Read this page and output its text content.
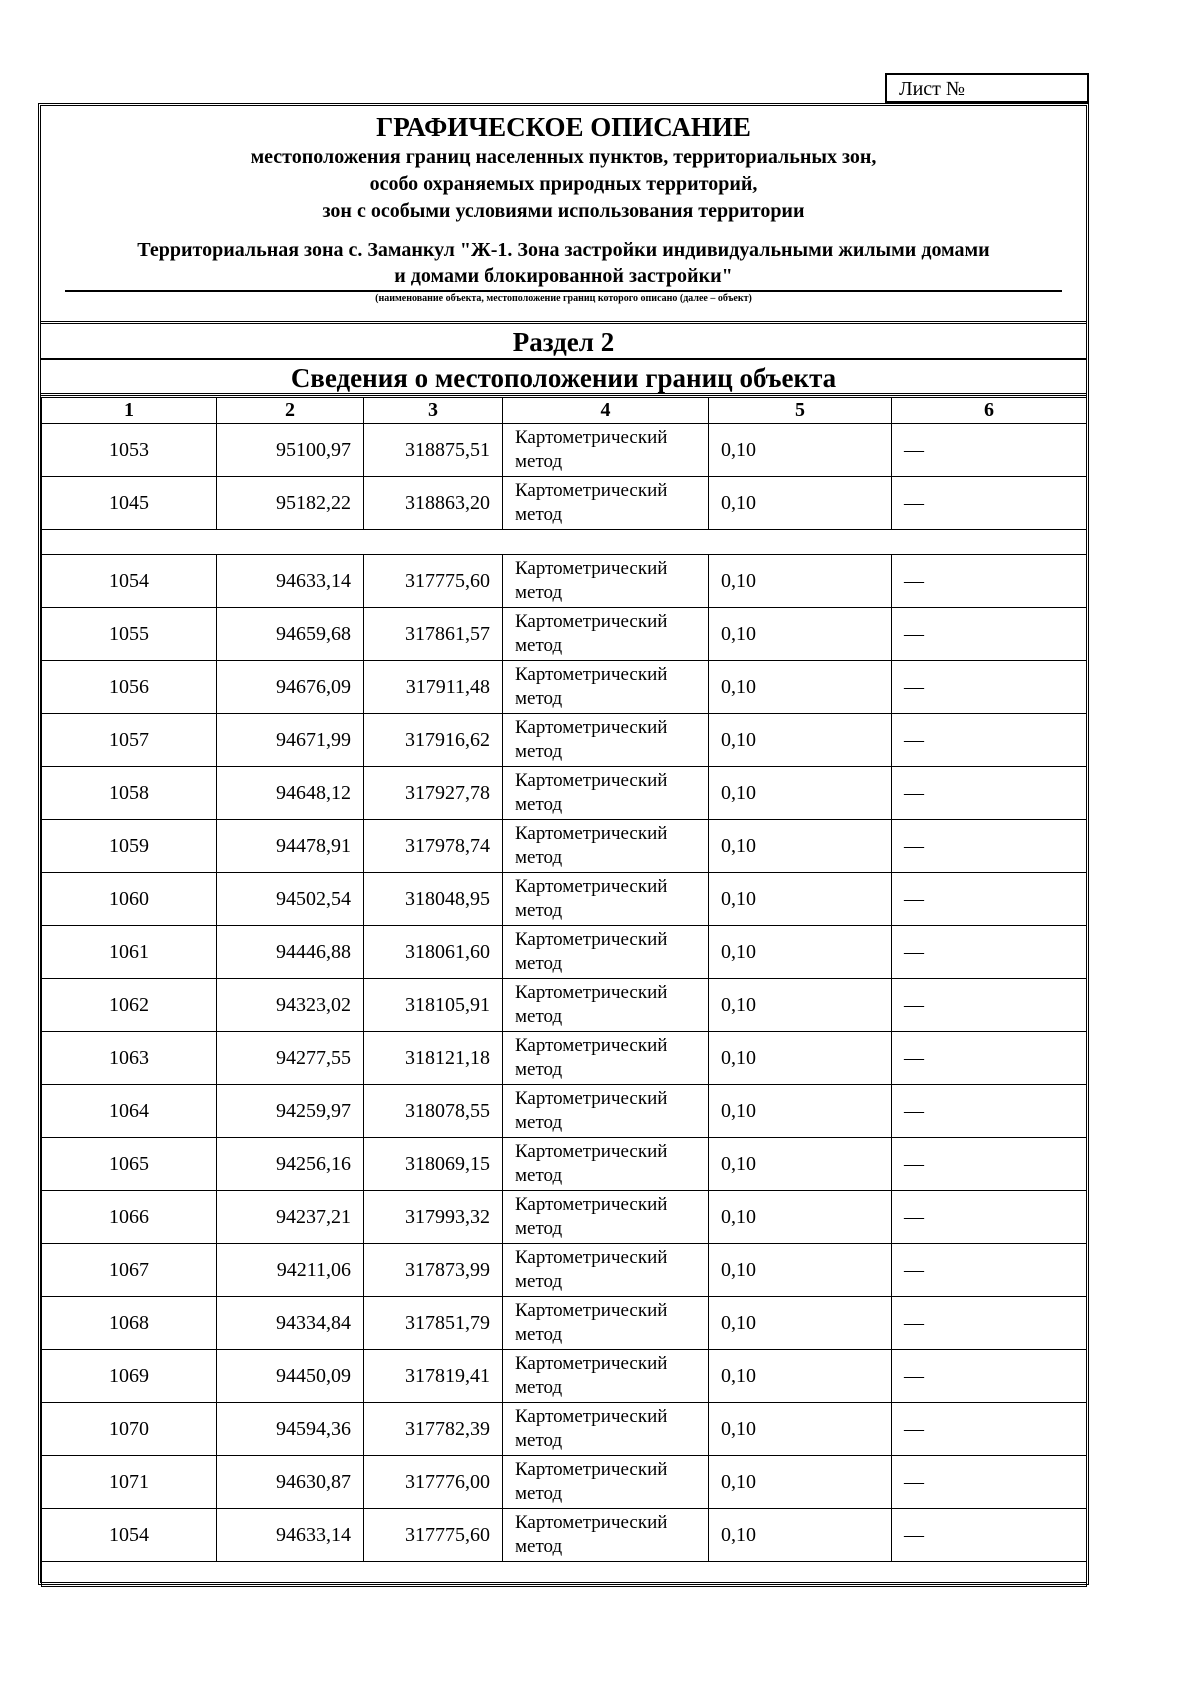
Лист №
ГРАФИЧЕСКОЕ ОПИСАНИЕ
местоположения границ населенных пунктов, территориальных зон,
особо охраняемых природных территорий,
зон с особыми условиями использования территории
Территориальная зона с. Заманкул "Ж-1. Зона застройки индивидуальными жилыми домами
и домами блокированной застройки"
(наименование объекта, местоположение границ которого описано (далее – объект)
Раздел 2
Сведения о местоположении границ объекта
1	2	3	4	5	6
1053	95100,97	318875,51	Картометрический метод	0,10	—
1045	95182,22	318863,20	Картометрический метод	0,10	—

1054	94633,14	317775,60	Картометрический метод	0,10	—
1055	94659,68	317861,57	Картометрический метод	0,10	—
1056	94676,09	317911,48	Картометрический метод	0,10	—
1057	94671,99	317916,62	Картометрический метод	0,10	—
1058	94648,12	317927,78	Картометрический метод	0,10	—
1059	94478,91	317978,74	Картометрический метод	0,10	—
1060	94502,54	318048,95	Картометрический метод	0,10	—
1061	94446,88	318061,60	Картометрический метод	0,10	—
1062	94323,02	318105,91	Картометрический метод	0,10	—
1063	94277,55	318121,18	Картометрический метод	0,10	—
1064	94259,97	318078,55	Картометрический метод	0,10	—
1065	94256,16	318069,15	Картометрический метод	0,10	—
1066	94237,21	317993,32	Картометрический метод	0,10	—
1067	94211,06	317873,99	Картометрический метод	0,10	—
1068	94334,84	317851,79	Картометрический метод	0,10	—
1069	94450,09	317819,41	Картометрический метод	0,10	—
1070	94594,36	317782,39	Картометрический метод	0,10	—
1071	94630,87	317776,00	Картометрический метод	0,10	—
1054	94633,14	317775,60	Картометрический метод	0,10	—
